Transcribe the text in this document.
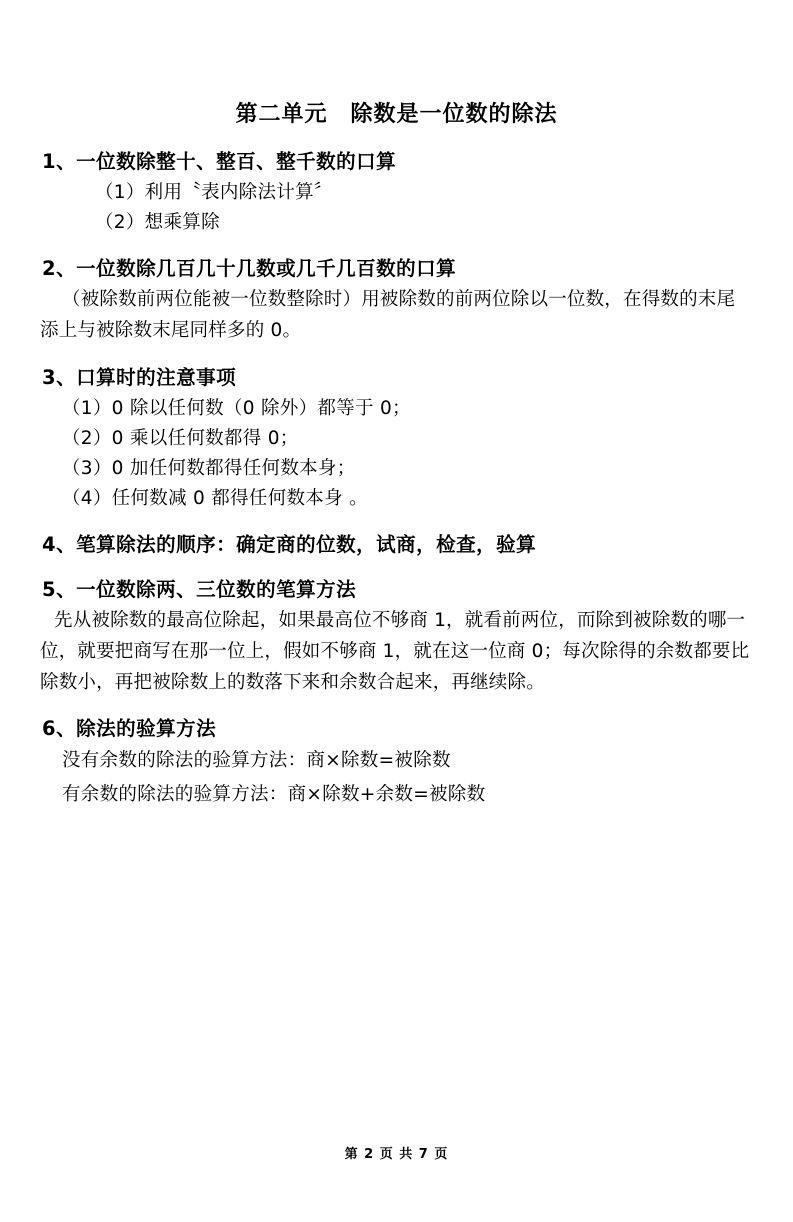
第二单元　除数是一位数的除法
1、一位数除整十、整百、整千数的口算
（1）利用〝表内除法计算〞
（2）想乘算除
2、一位数除几百几十几数或几千几百数的口算
（被除数前两位能被一位数整除时）用被除数的前两位除以一位数，在得数的末尾添上与被除数末尾同样多的 0。
3、口算时的注意事项
（1）0 除以任何数（0 除外）都等于 0；
（2）0 乘以任何数都得 0；
（3）0 加任何数都得任何数本身；
（4）任何数减 0 都得任何数本身 。
4、笔算除法的顺序：确定商的位数，试商，检查，验算
5、一位数除两、三位数的笔算方法
先从被除数的最高位除起，如果最高位不够商 1，就看前两位，而除到被除数的哪一位，就要把商写在那一位上，假如不够商 1，就在这一位商 0；每次除得的余数都要比除数小，再把被除数上的数落下来和余数合起来，再继续除。
6、除法的验算方法
没有余数的除法的验算方法：商×除数=被除数
有余数的除法的验算方法：商×除数+余数=被除数
第 2 页 共 7 页
